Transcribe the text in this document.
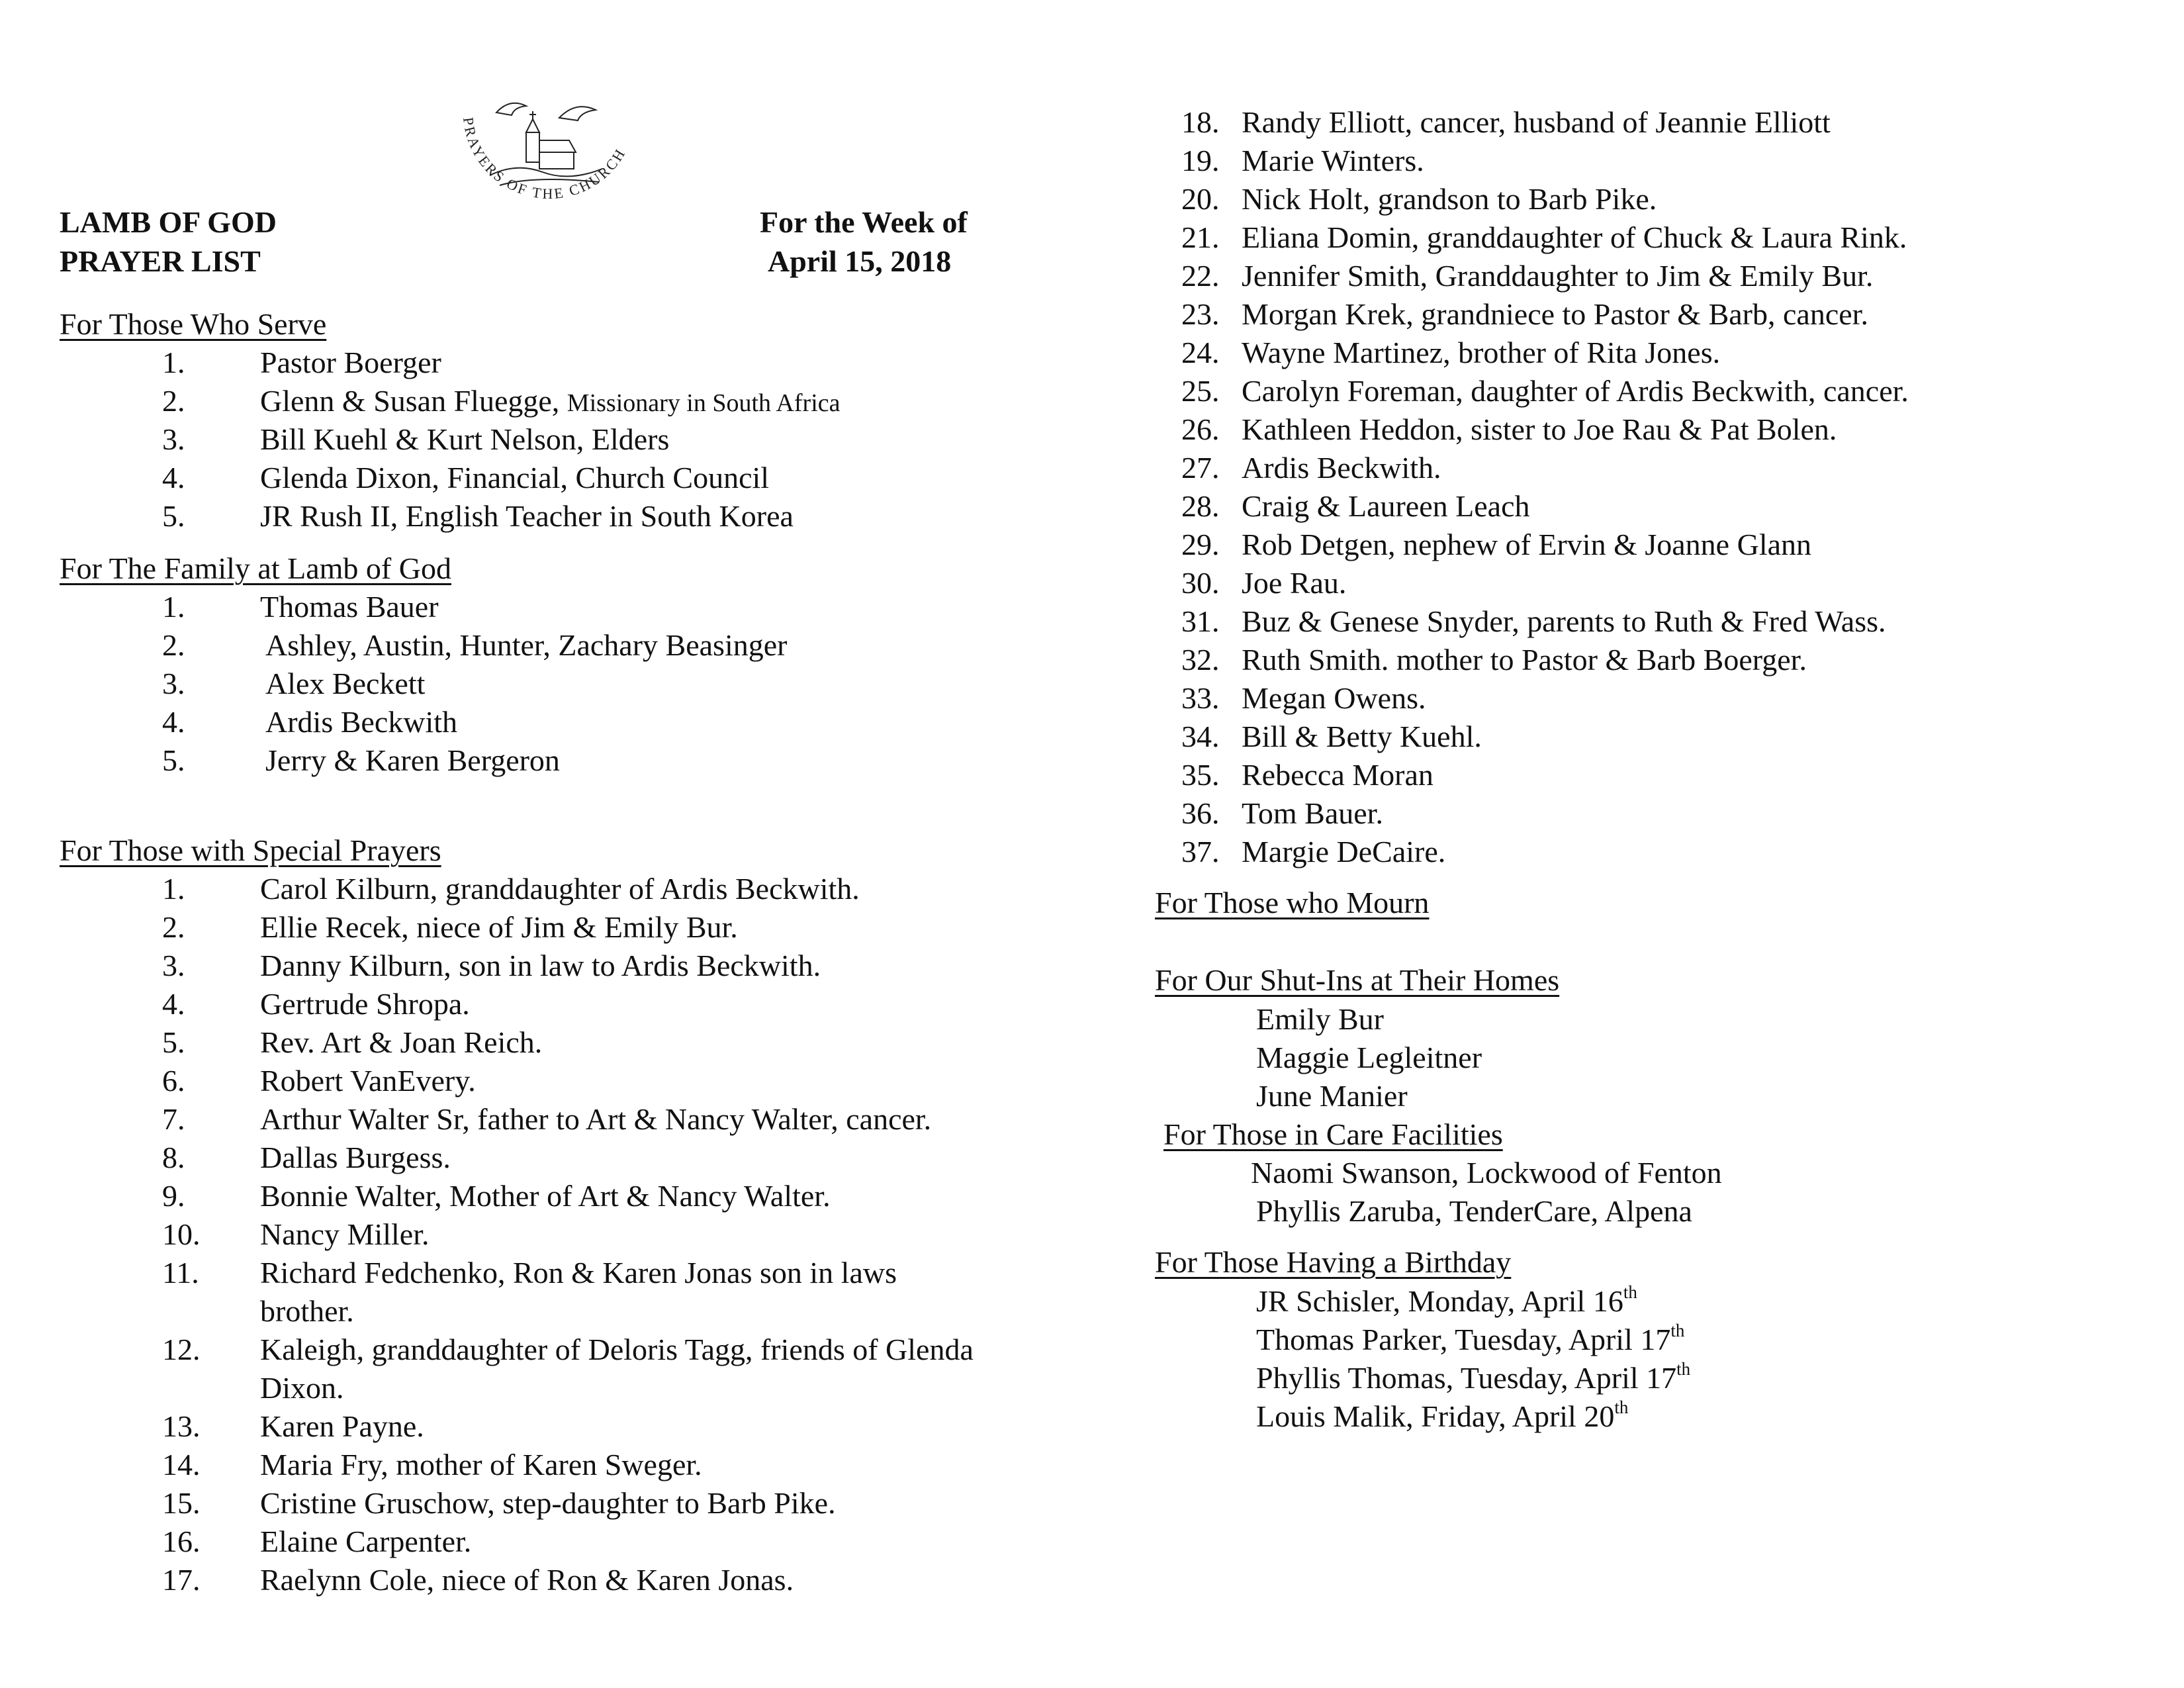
PRAYERS OF THE CHURCH
LAMB OF GOD
PRAYER LIST
For the Week of
April 15, 2018
For Those Who Serve
1. Pastor Boerger
2. Glenn & Susan Fluegge, Missionary in South Africa
3. Bill Kuehl & Kurt Nelson, Elders
4. Glenda Dixon, Financial, Church Council
5. JR Rush II, English Teacher in South Korea
For The Family at Lamb of God
1. Thomas Bauer
2.	Ashley, Austin, Hunter, Zachary Beasinger
3.	Alex Beckett
4.	Ardis Beckwith
5.	Jerry & Karen Bergeron
For Those with Special Prayers
1. Carol Kilburn, granddaughter of Ardis Beckwith.
2. Ellie Recek, niece of Jim & Emily Bur.
3. Danny Kilburn, son in law to Ardis Beckwith.
4. Gertrude Shropa.
5. Rev. Art & Joan Reich.
6. Robert VanEvery.
7. Arthur Walter Sr, father to Art & Nancy Walter, cancer.
8. Dallas Burgess.
9. Bonnie Walter, Mother of Art & Nancy Walter.
10. Nancy Miller.
11. Richard Fedchenko, Ron & Karen Jonas son in laws
brother.
12. Kaleigh, granddaughter of Deloris Tagg, friends of Glenda
Dixon.
13. Karen Payne.
14. Maria Fry, mother of Karen Sweger.
15. Cristine Gruschow, step-daughter to Barb Pike.
16. Elaine Carpenter.
17. Raelynn Cole, niece of Ron & Karen Jonas.
18. Randy Elliott, cancer, husband of Jeannie Elliott
19. Marie Winters.
20. Nick Holt, grandson to Barb Pike.
21. Eliana Domin, granddaughter of Chuck & Laura Rink.
22. Jennifer Smith, Granddaughter to Jim & Emily Bur.
23. Morgan Krek, grandniece to Pastor & Barb, cancer.
24. Wayne Martinez, brother of Rita Jones.
25. Carolyn Foreman, daughter of Ardis Beckwith, cancer.
26. Kathleen Heddon, sister to Joe Rau & Pat Bolen.
27. Ardis Beckwith.
28. Craig & Laureen Leach
29. Rob Detgen, nephew of Ervin & Joanne Glann
30. Joe Rau.
31. Buz & Genese Snyder, parents to Ruth & Fred Wass.
32. Ruth Smith. mother to Pastor & Barb Boerger.
33. Megan Owens.
34. Bill & Betty Kuehl.
35. Rebecca Moran
36. Tom Bauer.
37. Margie DeCaire.
For Those who Mourn
For Our Shut-Ins at Their Homes
Emily Bur
Maggie Legleitner
June Manier
For Those in Care Facilities
Naomi Swanson, Lockwood of Fenton
Phyllis Zaruba, TenderCare, Alpena
For Those Having a Birthday
JR Schisler, Monday, April 16th
Thomas Parker, Tuesday, April 17th
Phyllis Thomas, Tuesday, April 17th
Louis Malik, Friday, April 20th
